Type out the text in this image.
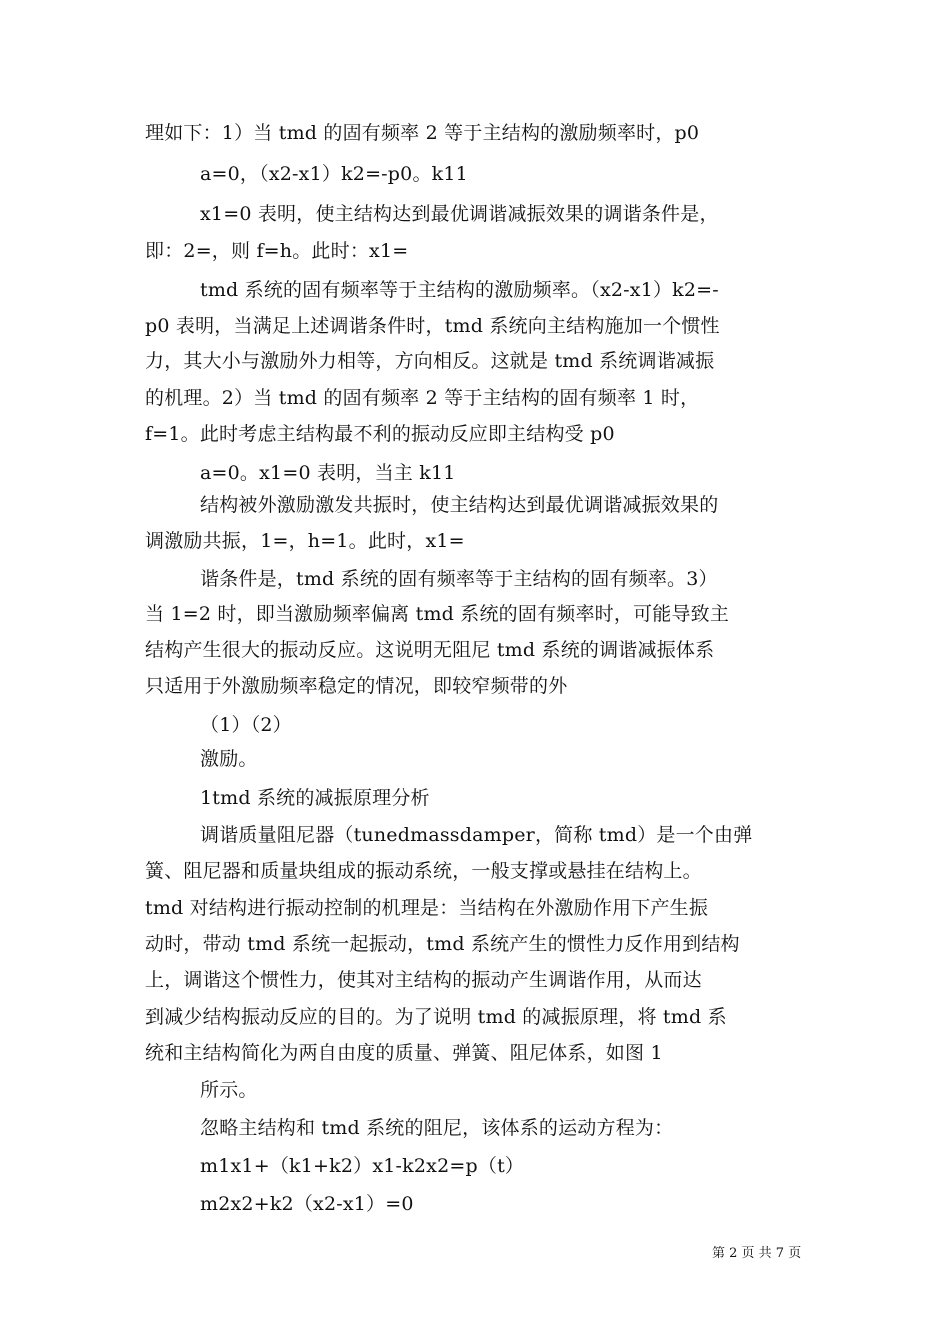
理如下：1）当 tmd 的固有频率 2 等于主结构的激励频率时，p0
a=0，（x2-x1）k2=-p0。k11
x1=0 表明，使主结构达到最优调谐减振效果的调谐条件是，
即：2=，则 f=h。此时：x1=
tmd 系统的固有频率等于主结构的激励频率。（x2-x1）k2=-
p0 表明，当满足上述调谐条件时，tmd 系统向主结构施加一个惯性
力，其大小与激励外力相等，方向相反。这就是 tmd 系统调谐减振
的机理。2）当 tmd 的固有频率 2 等于主结构的固有频率 1 时，
f=1。此时考虑主结构最不利的振动反应即主结构受 p0
a=0。x1=0 表明，当主 k11
结构被外激励激发共振时，使主结构达到最优调谐减振效果的
调激励共振，1=，h=1。此时，x1=
谐条件是，tmd 系统的固有频率等于主结构的固有频率。3）
当 1=2 时，即当激励频率偏离 tmd 系统的固有频率时，可能导致主
结构产生很大的振动反应。这说明无阻尼 tmd 系统的调谐减振体系
只适用于外激励频率稳定的情况，即较窄频带的外
（1）（2）
激励。
1tmd 系统的减振原理分析
调谐质量阻尼器（tunedmassdamper，简称 tmd）是一个由弹
簧、阻尼器和质量块组成的振动系统，一般支撑或悬挂在结构上。
tmd 对结构进行振动控制的机理是：当结构在外激励作用下产生振
动时，带动 tmd 系统一起振动，tmd 系统产生的惯性力反作用到结构
上，调谐这个惯性力，使其对主结构的振动产生调谐作用，从而达
到减少结构振动反应的目的。为了说明 tmd 的减振原理，将 tmd 系
统和主结构简化为两自由度的质量、弹簧、阻尼体系，如图 1
所示。
忽略主结构和 tmd 系统的阻尼，该体系的运动方程为：
m1x1+（k1+k2）x1-k2x2=p（t）
m2x2+k2（x2-x1）=0
第 2 页 共 7 页
